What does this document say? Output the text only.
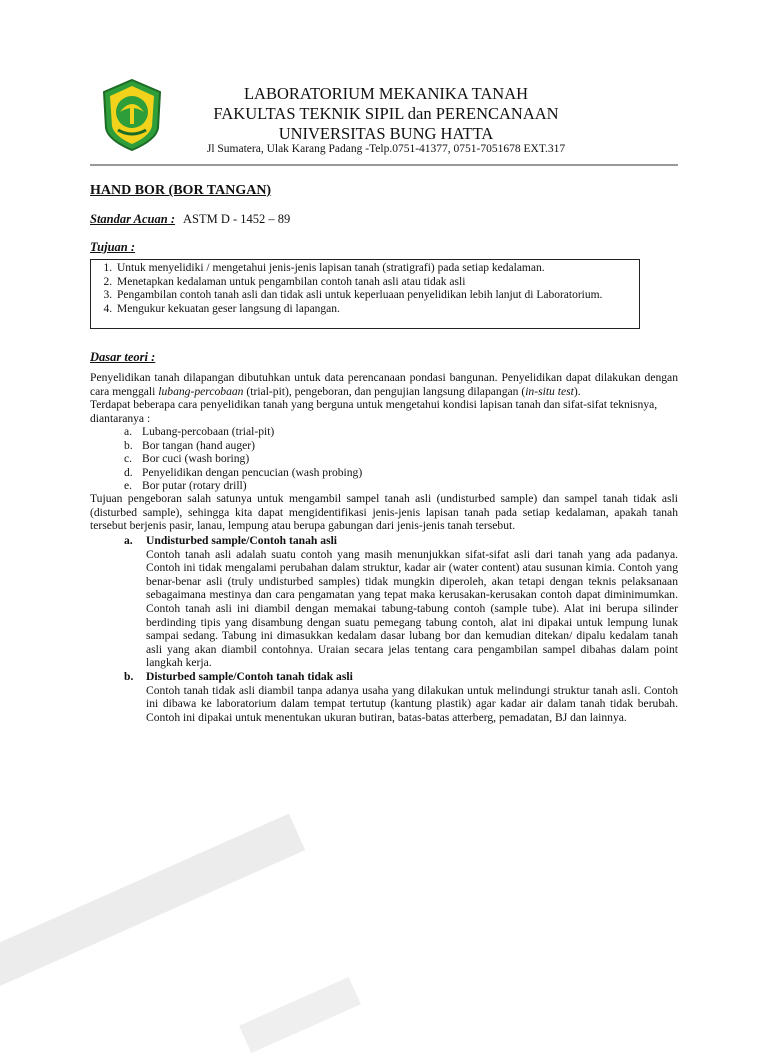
LABORATORIUM MEKANIKA TANAH
FAKULTAS TEKNIK SIPIL dan PERENCANAAN
UNIVERSITAS BUNG HATTA
Jl Sumatera, Ulak Karang Padang -Telp.0751-41377, 0751-7051678 EXT.317
HAND BOR (BOR TANGAN)
Standar Acuan : ASTM D - 1452 – 89
Tujuan :
1. Untuk menyelidiki / mengetahui jenis-jenis lapisan tanah (stratigrafi) pada setiap kedalaman.
2. Menetapkan kedalaman untuk pengambilan contoh tanah asli atau tidak asli
3. Pengambilan contoh tanah asli dan tidak asli untuk keperluaan penyelidikan lebih lanjut di Laboratorium.
4. Mengukur kekuatan geser langsung di lapangan.
Dasar teori :
Penyelidikan tanah dilapangan dibutuhkan untuk data perencanaan pondasi bangunan. Penyelidikan dapat dilakukan dengan cara menggali lubang-percobaan (trial-pit), pengeboran, dan pengujian langsung dilapangan (in-situ test).
Terdapat beberapa cara penyelidikan tanah yang berguna untuk mengetahui kondisi lapisan tanah dan sifat-sifat teknisnya, diantaranya :
a. Lubang-percobaan (trial-pit)
b. Bor tangan (hand auger)
c. Bor cuci (wash boring)
d. Penyelidikan dengan pencucian (wash probing)
e. Bor putar (rotary drill)
Tujuan pengeboran salah satunya untuk mengambil sampel tanah asli (undisturbed sample) dan sampel tanah tidak asli (disturbed sample), sehingga kita dapat mengidentifikasi jenis-jenis lapisan tanah pada setiap kedalaman, apakah tanah tersebut berjenis pasir, lanau, lempung atau berupa gabungan dari jenis-jenis tanah tersebut.
a. Undisturbed sample/Contoh tanah asli
Contoh tanah asli adalah suatu contoh yang masih menunjukkan sifat-sifat asli dari tanah yang ada padanya. Contoh ini tidak mengalami perubahan dalam struktur, kadar air (water content) atau susunan kimia. Contoh yang benar-benar asli (truly undisturbed samples) tidak mungkin diperoleh, akan tetapi dengan teknis pelaksanaan sebagaimana mestinya dan cara pengamatan yang tepat maka kerusakan-kerusakan contoh dapat diminimumkan. Contoh tanah asli ini diambil dengan memakai tabung-tabung contoh (sample tube). Alat ini berupa silinder berdinding tipis yang disambung dengan suatu pemegang tabung contoh, alat ini dipakai untuk lempung lunak sampai sedang. Tabung ini dimasukkan kedalam dasar lubang bor dan kemudian ditekan/ dipalu kedalam tanah asli yang akan diambil contohnya. Uraian secara jelas tentang cara pengambilan sampel dibahas dalam point langkah kerja.
b. Disturbed sample/Contoh tanah tidak asli
Contoh tanah tidak asli diambil tanpa adanya usaha yang dilakukan untuk melindungi struktur tanah asli. Contoh ini dibawa ke laboratorium dalam tempat tertutup (kantung plastik) agar kadar air dalam tanah tidak berubah. Contoh ini dipakai untuk menentukan ukuran butiran, batas-batas atterberg, pemadatan, BJ dan lainnya.
